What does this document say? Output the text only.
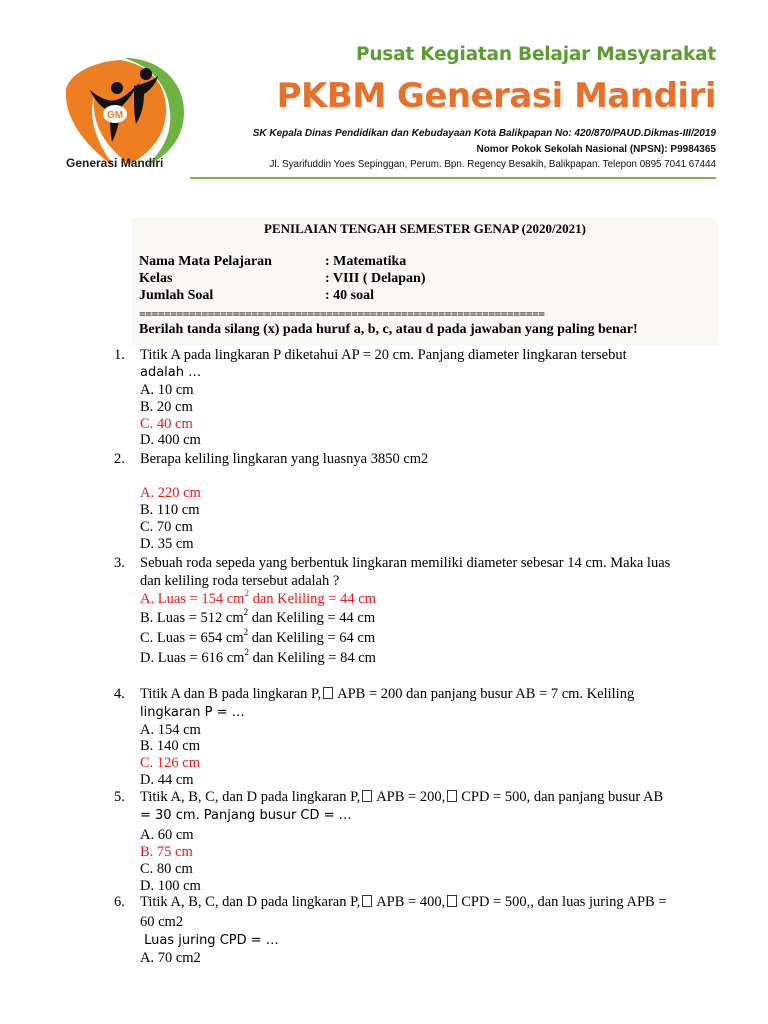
GM
Generasi Mandiri
Pusat Kegiatan Belajar Masyarakat
PKBM Generasi Mandiri
SK Kepala Dinas Pendidikan dan Kebudayaan Kota Balikpapan No: 420/870/PAUD.Dikmas-III/2019
Nomor Pokok Sekolah Nasional (NPSN): P9984365
Jl. Syarifuddin Yoes Sepinggan, Perum. Bpn. Regency Besakih, Balikpapan. Telepon 0895 7041 67444
PENILAIAN TENGAH SEMESTER GENAP (2020/2021)
Nama Mata Pelajaran	: Matematika
Kelas	: VIII ( Delapan)
Jumlah Soal	: 40 soal
=================================================================
Berilah tanda silang (x) pada huruf a, b, c, atau d pada jawaban yang paling benar!
1. Titik A pada lingkaran P diketahui AP = 20 cm. Panjang diameter lingkaran tersebut
adalah …
A. 10 cm
B. 20 cm
C. 40 cm
D. 400 cm
2. Berapa keliling lingkaran yang luasnya 3850 cm2
A. 220 cm
B. 110 cm
C. 70 cm
D. 35 cm
3. Sebuah roda sepeda yang berbentuk lingkaran memiliki diameter sebesar 14 cm. Maka luas
dan keliling roda tersebut adalah ?
A. Luas = 154 $cm^2$ dan Keliling = 44 cm
B. Luas = 512 $cm^2$ dan Keliling = 44 cm
C. Luas = 654 $cm^2$ dan Keliling = 64 cm
D. Luas = 616 $cm^2$ dan Keliling = 84 cm
4. Titik A dan B pada lingkaran P, APB = 200 dan panjang busur AB = 7 cm. Keliling
lingkaran P = …
A. 154 cm
B. 140 cm
C. 126 cm
D. 44 cm
5. Titik A, B, C, dan D pada lingkaran P, APB = 200, CPD = 500, dan panjang busur AB
= 30 cm. Panjang busur CD = …
A. 60 cm
B. 75 cm
C. 80 cm
D. 100 cm
6. Titik A, B, C, dan D pada lingkaran P, APB = 400, CPD = 500,, dan luas juring APB =
60 cm2
Luas juring CPD = …
A. 70 cm2
